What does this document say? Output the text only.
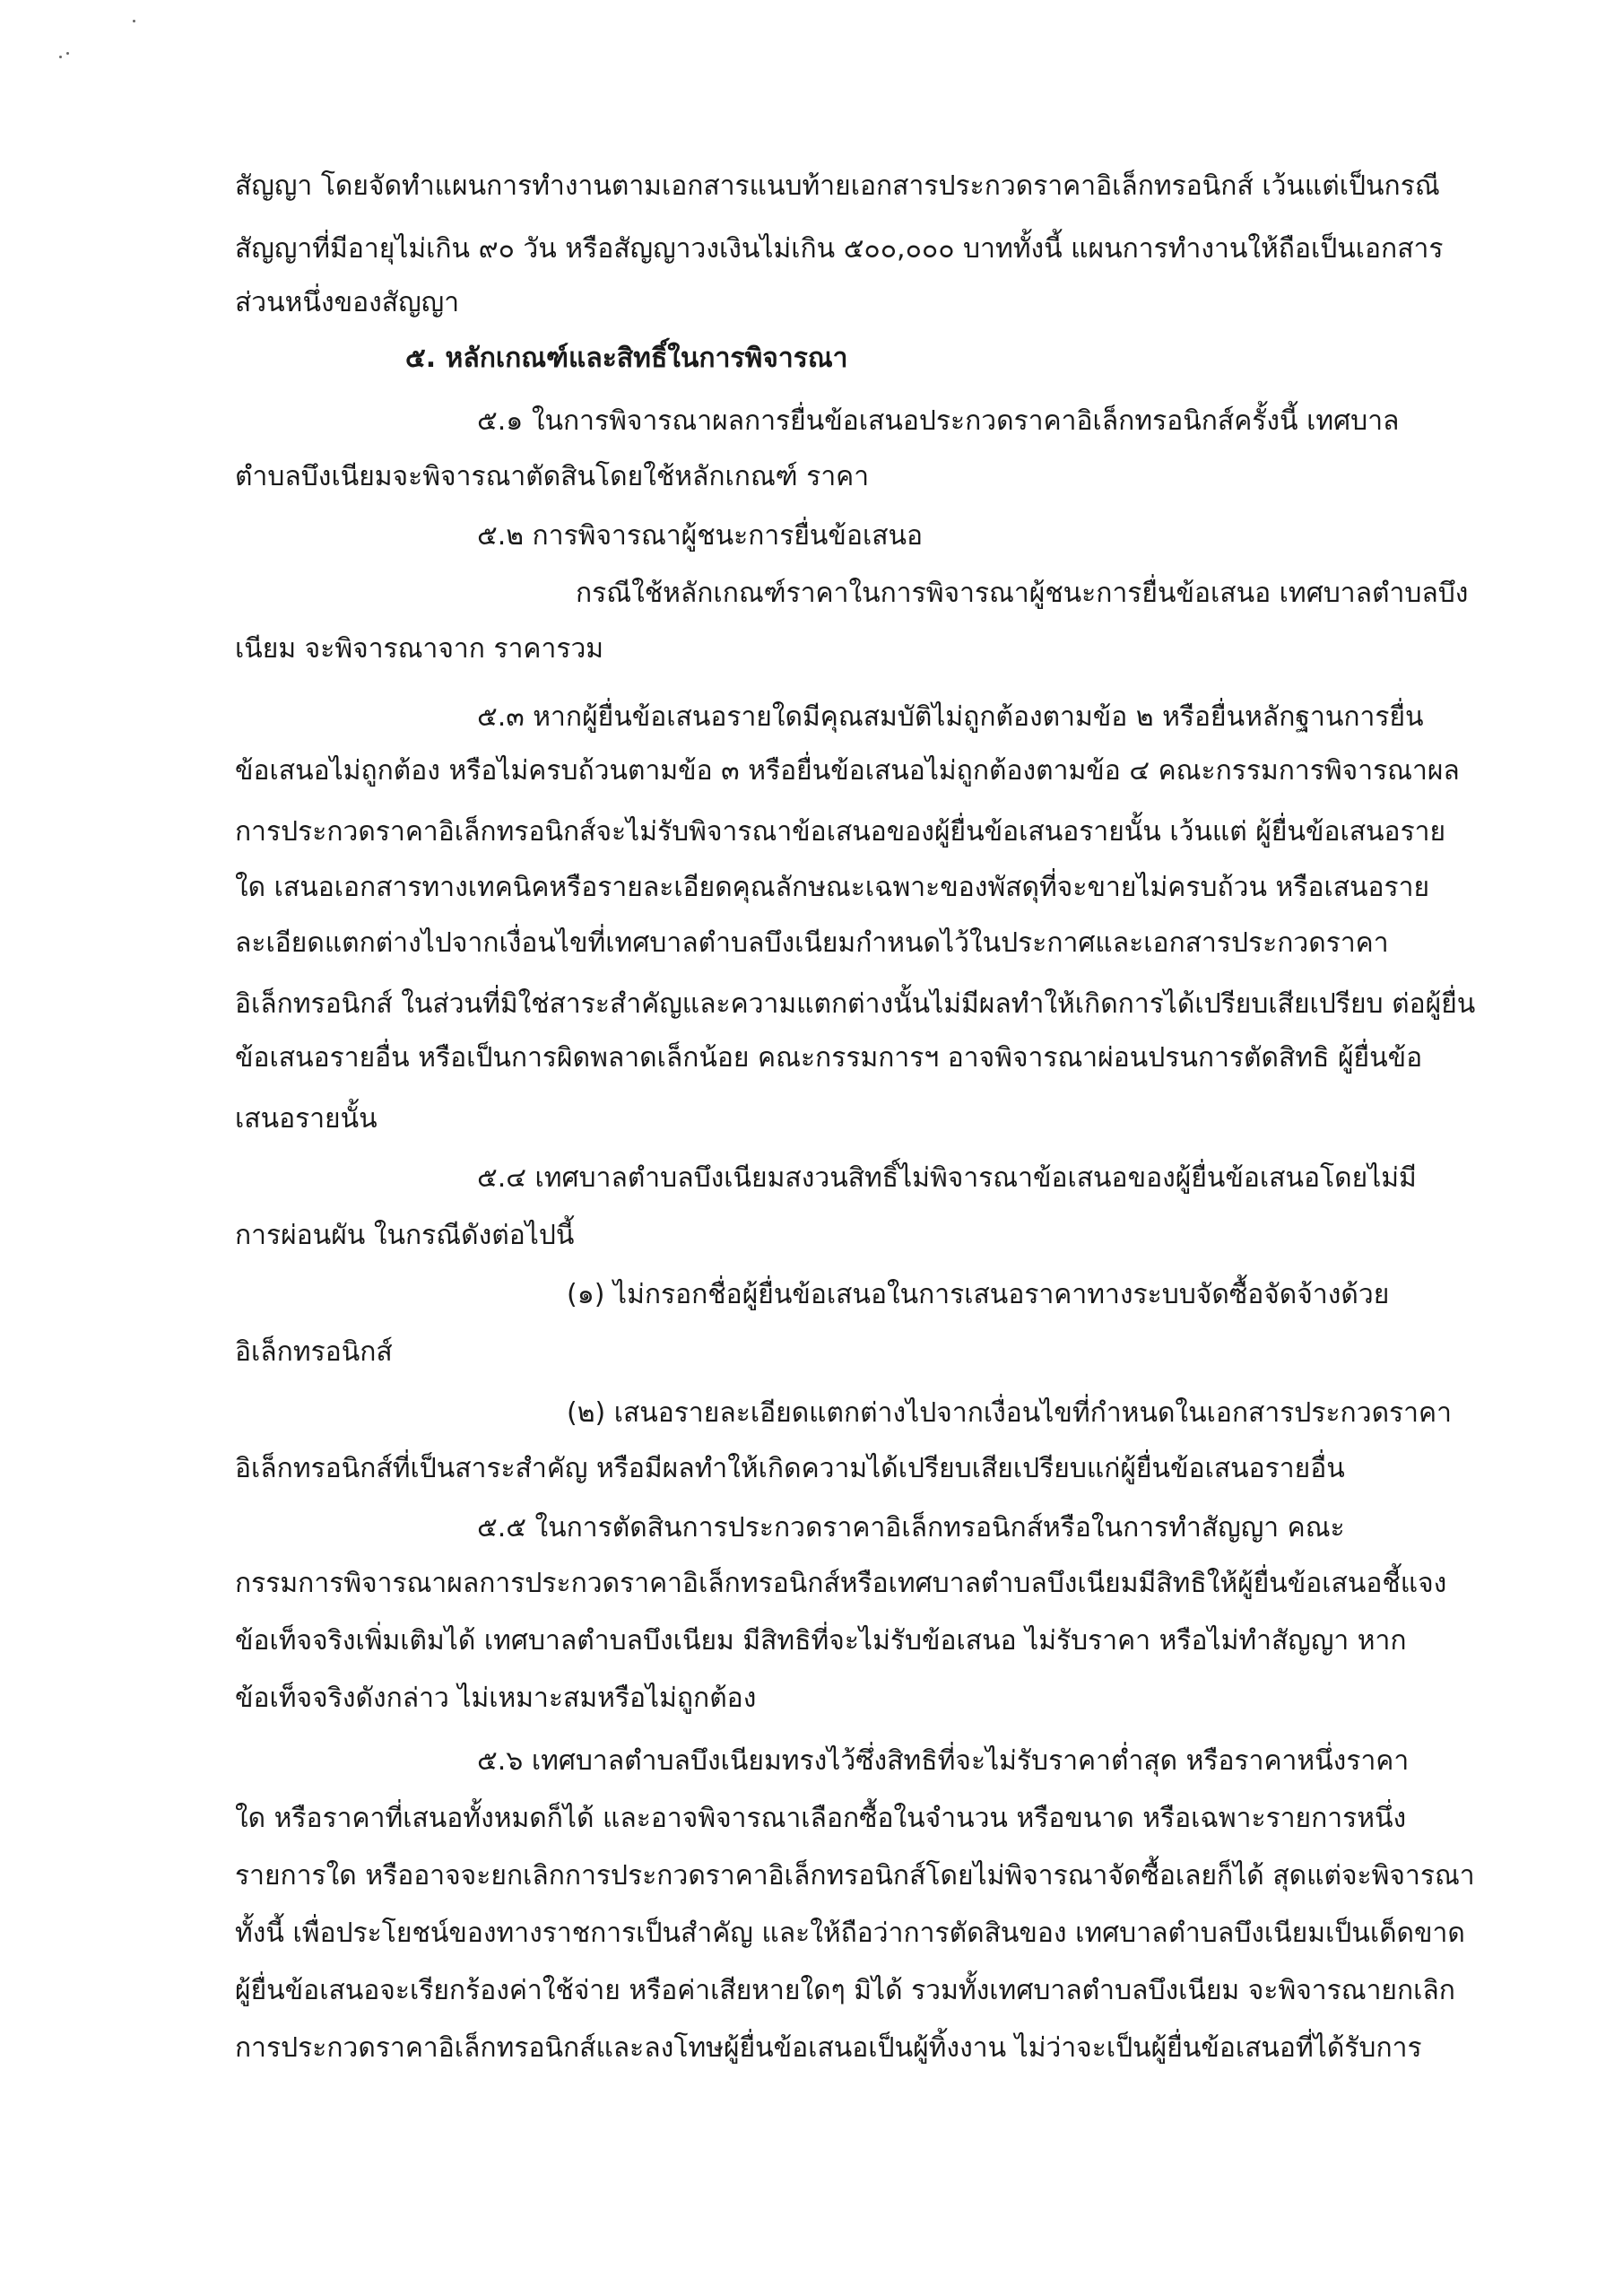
สัญญา โดยจัดทำแผนการทำงานตามเอกสารแนบท้ายเอกสารประกวดราคาอิเล็กทรอนิกส์ เว้นแต่เป็นกรณี
สัญญาที่มีอายุไม่เกิน ๙๐ วัน หรือสัญญาวงเงินไม่เกิน ๕๐๐,๐๐๐ บาททั้งนี้ แผนการทำงานให้ถือเป็นเอกสาร
ส่วนหนึ่งของสัญญา
๕. หลักเกณฑ์และสิทธิ์ในการพิจารณา
๕.๑ ในการพิจารณาผลการยื่นข้อเสนอประกวดราคาอิเล็กทรอนิกส์ครั้งนี้ เทศบาล
ตำบลบึงเนียมจะพิจารณาตัดสินโดยใช้หลักเกณฑ์ ราคา
๕.๒ การพิจารณาผู้ชนะการยื่นข้อเสนอ
กรณีใช้หลักเกณฑ์ราคาในการพิจารณาผู้ชนะการยื่นข้อเสนอ เทศบาลตำบลบึง
เนียม จะพิจารณาจาก ราคารวม
๕.๓ หากผู้ยื่นข้อเสนอรายใดมีคุณสมบัติไม่ถูกต้องตามข้อ ๒ หรือยื่นหลักฐานการยื่น
ข้อเสนอไม่ถูกต้อง หรือไม่ครบถ้วนตามข้อ ๓ หรือยื่นข้อเสนอไม่ถูกต้องตามข้อ ๔ คณะกรรมการพิจารณาผล
การประกวดราคาอิเล็กทรอนิกส์จะไม่รับพิจารณาข้อเสนอของผู้ยื่นข้อเสนอรายนั้น เว้นแต่ ผู้ยื่นข้อเสนอราย
ใด เสนอเอกสารทางเทคนิคหรือรายละเอียดคุณลักษณะเฉพาะของพัสดุที่จะขายไม่ครบถ้วน หรือเสนอราย
ละเอียดแตกต่างไปจากเงื่อนไขที่เทศบาลตำบลบึงเนียมกำหนดไว้ในประกาศและเอกสารประกวดราคา
อิเล็กทรอนิกส์ ในส่วนที่มิใช่สาระสำคัญและความแตกต่างนั้นไม่มีผลทำให้เกิดการได้เปรียบเสียเปรียบ ต่อผู้ยื่น
ข้อเสนอรายอื่น หรือเป็นการผิดพลาดเล็กน้อย คณะกรรมการฯ อาจพิจารณาผ่อนปรนการตัดสิทธิ ผู้ยื่นข้อ
เสนอรายนั้น
๕.๔ เทศบาลตำบลบึงเนียมสงวนสิทธิ์ไม่พิจารณาข้อเสนอของผู้ยื่นข้อเสนอโดยไม่มี
การผ่อนผัน ในกรณีดังต่อไปนี้
(๑) ไม่กรอกชื่อผู้ยื่นข้อเสนอในการเสนอราคาทางระบบจัดซื้อจัดจ้างด้วย
อิเล็กทรอนิกส์
(๒) เสนอรายละเอียดแตกต่างไปจากเงื่อนไขที่กำหนดในเอกสารประกวดราคา
อิเล็กทรอนิกส์ที่เป็นสาระสำคัญ หรือมีผลทำให้เกิดความได้เปรียบเสียเปรียบแก่ผู้ยื่นข้อเสนอรายอื่น
๕.๕ ในการตัดสินการประกวดราคาอิเล็กทรอนิกส์หรือในการทำสัญญา คณะ
กรรมการพิจารณาผลการประกวดราคาอิเล็กทรอนิกส์หรือเทศบาลตำบลบึงเนียมมีสิทธิให้ผู้ยื่นข้อเสนอชี้แจง
ข้อเท็จจริงเพิ่มเติมได้ เทศบาลตำบลบึงเนียม มีสิทธิที่จะไม่รับข้อเสนอ ไม่รับราคา หรือไม่ทำสัญญา หาก
ข้อเท็จจริงดังกล่าว ไม่เหมาะสมหรือไม่ถูกต้อง
๕.๖ เทศบาลตำบลบึงเนียมทรงไว้ซึ่งสิทธิที่จะไม่รับราคาต่ำสุด หรือราคาหนึ่งราคา
ใด หรือราคาที่เสนอทั้งหมดก็ได้ และอาจพิจารณาเลือกซื้อในจำนวน หรือขนาด หรือเฉพาะรายการหนึ่ง
รายการใด หรืออาจจะยกเลิกการประกวดราคาอิเล็กทรอนิกส์โดยไม่พิจารณาจัดซื้อเลยก็ได้ สุดแต่จะพิจารณา
ทั้งนี้ เพื่อประโยชน์ของทางราชการเป็นสำคัญ และให้ถือว่าการตัดสินของ เทศบาลตำบลบึงเนียมเป็นเด็ดขาด
ผู้ยื่นข้อเสนอจะเรียกร้องค่าใช้จ่าย หรือค่าเสียหายใดๆ มิได้ รวมทั้งเทศบาลตำบลบึงเนียม จะพิจารณายกเลิก
การประกวดราคาอิเล็กทรอนิกส์และลงโทษผู้ยื่นข้อเสนอเป็นผู้ทิ้งงาน ไม่ว่าจะเป็นผู้ยื่นข้อเสนอที่ได้รับการ
